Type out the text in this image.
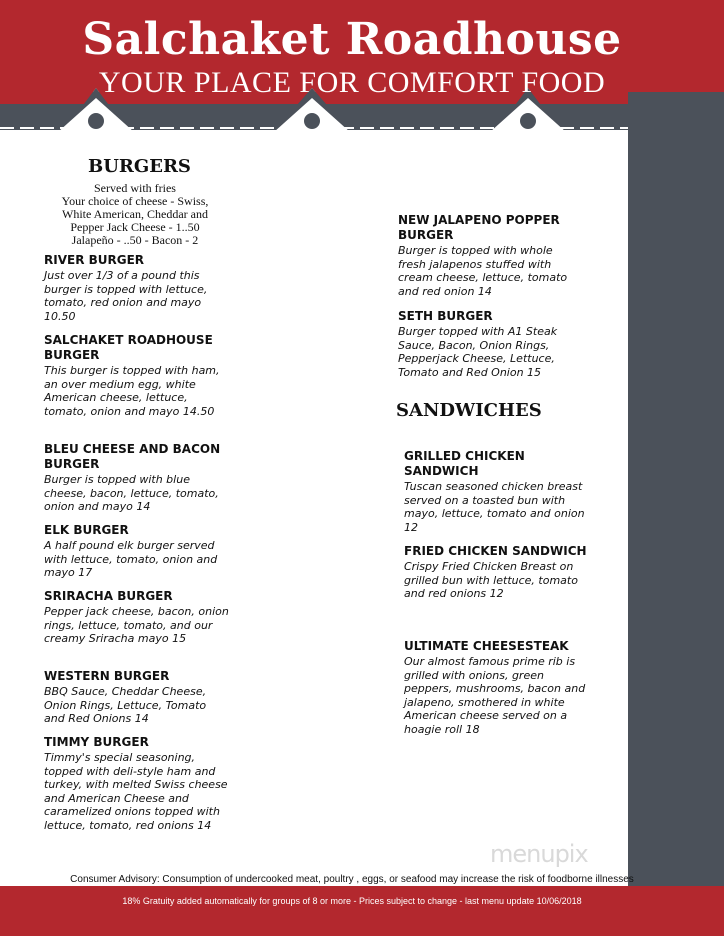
Salchaket Roadhouse
YOUR PLACE FOR COMFORT FOOD
BURGERS
Served with fries
Your choice of cheese - Swiss,
White American, Cheddar and
Pepper Jack Cheese - 1..50
Jalapeño - ..50 - Bacon - 2
RIVER BURGER
Just over 1/3 of a pound this burger is topped with lettuce, tomato, red onion and mayo 10.50
SALCHAKET ROADHOUSE BURGER
This burger is topped with ham, an over medium egg, white American cheese, lettuce, tomato, onion and mayo 14.50
BLEU CHEESE AND BACON BURGER
Burger is topped with blue cheese, bacon, lettuce, tomato, onion and mayo 14
ELK BURGER
A half pound elk burger served with lettuce, tomato, onion and mayo 17
SRIRACHA BURGER
Pepper jack cheese, bacon, onion rings, lettuce, tomato, and our creamy Sriracha mayo 15
WESTERN BURGER
BBQ Sauce, Cheddar Cheese, Onion Rings, Lettuce, Tomato and Red Onions 14
TIMMY BURGER
Timmy's special seasoning, topped with deli-style ham and turkey, with melted Swiss cheese and American Cheese and caramelized onions topped with lettuce, tomato, red onions 14
NEW JALAPENO POPPER BURGER
Burger is topped with whole fresh jalapenos stuffed with cream cheese, lettuce, tomato and red onion 14
SETH BURGER
Burger topped with A1 Steak Sauce, Bacon, Onion Rings, Pepperjack Cheese, Lettuce, Tomato and Red Onion 15
SANDWICHES
GRILLED CHICKEN SANDWICH
Tuscan seasoned chicken breast served on a toasted bun with mayo, lettuce, tomato and onion 12
FRIED CHICKEN SANDWICH
Crispy Fried Chicken Breast on grilled bun with lettuce, tomato and red onions 12
ULTIMATE CHEESESTEAK
Our almost famous prime rib is grilled with onions, green peppers, mushrooms, bacon and jalapeno, smothered in white American cheese served on a hoagie roll 18
menupix
Consumer Advisory: Consumption of undercooked meat, poultry , eggs, or seafood may increase the risk of foodborne illnesses
18% Gratuity added automatically for groups of 8 or more - Prices subject to change - last menu update 10/06/2018
